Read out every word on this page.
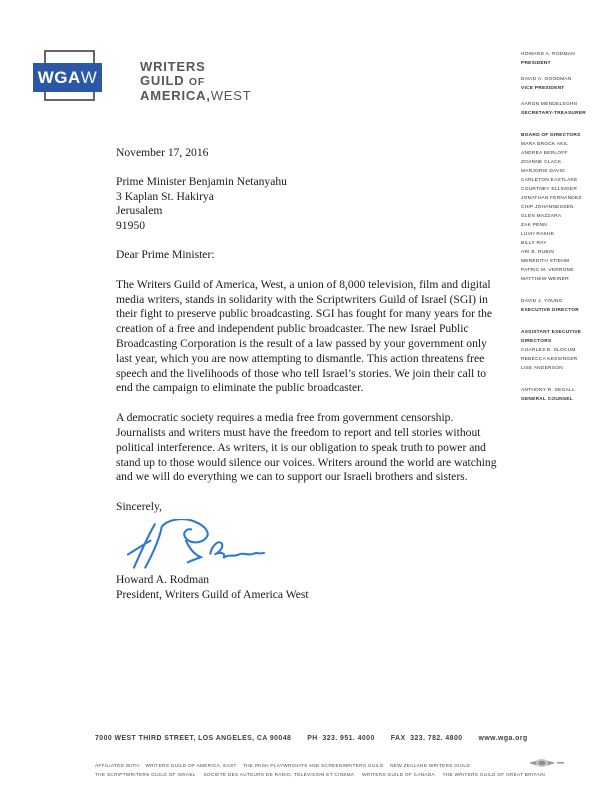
WGA W
WRITERS
GUILD OF
AMERICA,WEST
HOWARD A. RODMAN
PRESIDENT
DAVID A. GOODMAN
VICE PRESIDENT
AARON MENDELSOHN
SECRETARY-TREASURER
BOARD OF DIRECTORS
MARA BROCK AKIL
ANDREA BERLOFF
ZOANNE CLACK
MARJORIE DAVID
CARLETON EASTLAKE
COURTNEY ELLINGER
JONATHAN FERNANDEZ
CHIP JOHANNESSEN
GLEN MAZZARA
ZAK PENN
LUVH RAKHE
BILLY RAY
ARI B. RUBIN
MEREDITH STIEHM
PATRIC M. VERRONE
MATTHEW WEINER
DAVID J. YOUNG
EXECUTIVE DIRECTOR
ASSISTANT EXECUTIVE DIRECTORS
CHARLES B. SLOCUM
REBECCA KESSINGER
LISE ANDERSON
ANTHONY R. SEGALL
GENERAL COUNSEL
November 17, 2016
Prime Minister Benjamin Netanyahu
3 Kaplan St. Hakirya
Jerusalem
91950
Dear Prime Minister:
The Writers Guild of America, West, a union of 8,000 television, film and digital media writers, stands in solidarity with the Scriptwriters Guild of Israel (SGI) in their fight to preserve public broadcasting. SGI has fought for many years for the creation of a free and independent public broadcaster. The new Israel Public Broadcasting Corporation is the result of a law passed by your government only last year, which you are now attempting to dismantle. This action threatens free speech and the livelihoods of those who tell Israel’s stories. We join their call to end the campaign to eliminate the public broadcaster.
A democratic society requires a media free from government censorship. Journalists and writers must have the freedom to report and tell stories without political interference. As writers, it is our obligation to speak truth to power and stand up to those would silence our voices. Writers around the world are watching and we will do everything we can to support our Israeli brothers and sisters.
Sincerely,
Howard A. Rodman
President, Writers Guild of America West
7000 WEST THIRD STREET, LOS ANGELES, CA 90048 PH  323. 951. 4000 FAX  323. 782. 4800 www.wga.org
AFFILIATED WITH:   WRITERS GUILD OF AMERICA, EAST    THE IRISH PLAYWRIGHTS AND SCREENWRITERS GUILD    NEW ZEALAND WRITERS GUILD
THE SCRIPTWRITERS GUILD OF ISRAEL     SOCIÉTÉ DES AUTEURS DE RADIO, TÉLÉVISION ET CINEMA     WRITERS GUILD OF CANADA     THE WRITERS GUILD OF GREAT BRITAIN
